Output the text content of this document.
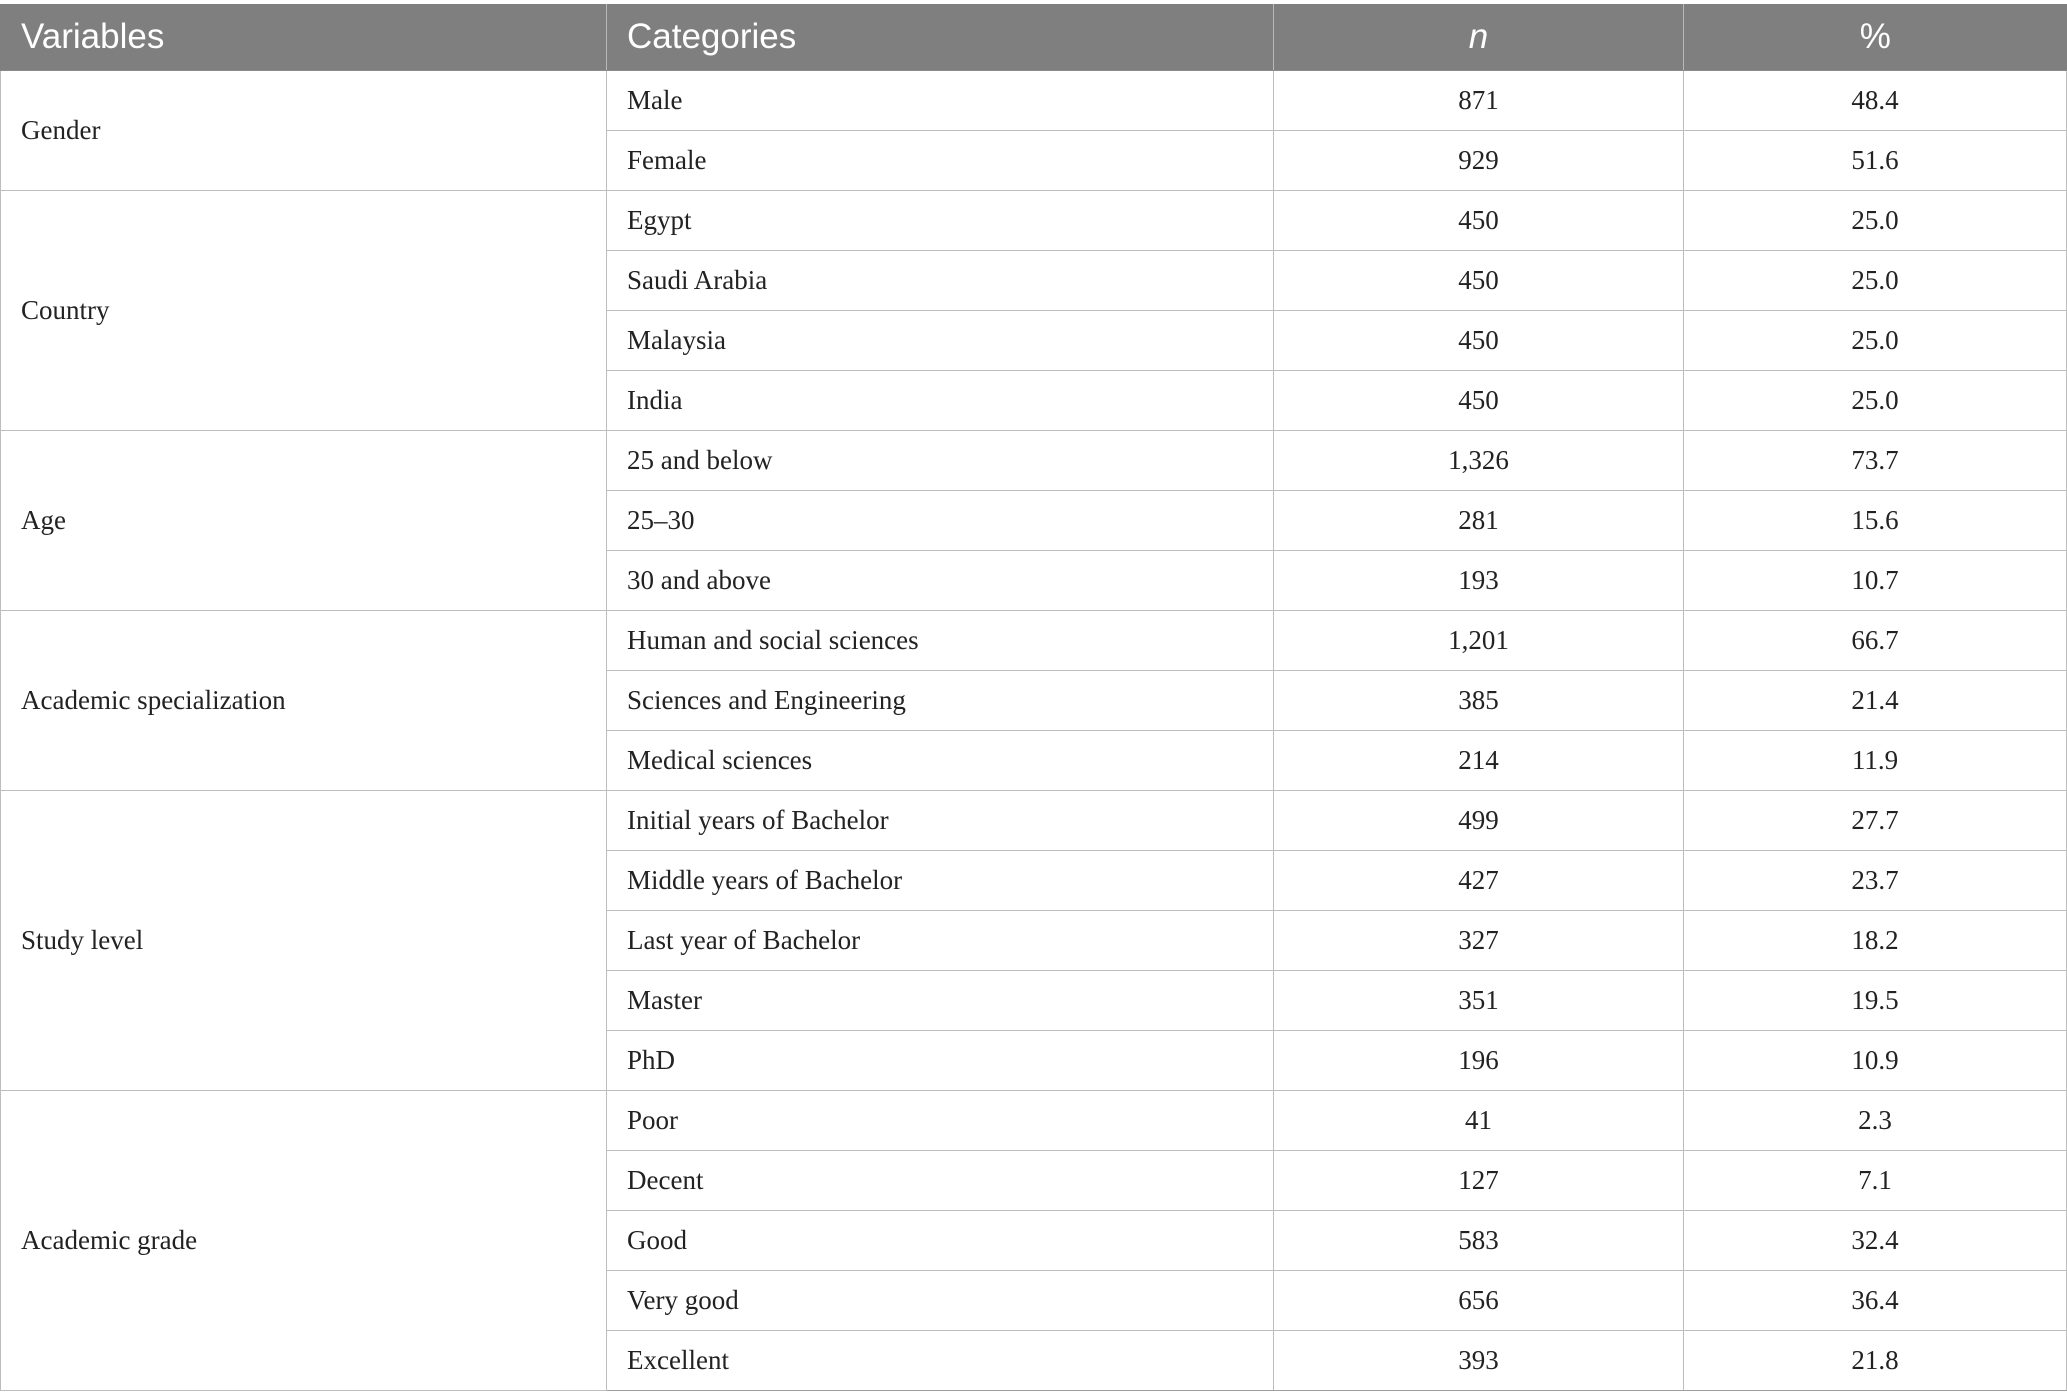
Variables	Categories	n	%
Gender	Male	871	48.4
	Female	929	51.6
Country	Egypt	450	25.0
	Saudi Arabia	450	25.0
	Malaysia	450	25.0
	India	450	25.0
Age	25 and below	1,326	73.7
	25–30	281	15.6
	30 and above	193	10.7
Academic specialization	Human and social sciences	1,201	66.7
	Sciences and Engineering	385	21.4
	Medical sciences	214	11.9
Study level	Initial years of Bachelor	499	27.7
	Middle years of Bachelor	427	23.7
	Last year of Bachelor	327	18.2
	Master	351	19.5
	PhD	196	10.9
Academic grade	Poor	41	2.3
	Decent	127	7.1
	Good	583	32.4
	Very good	656	36.4
	Excellent	393	21.8
